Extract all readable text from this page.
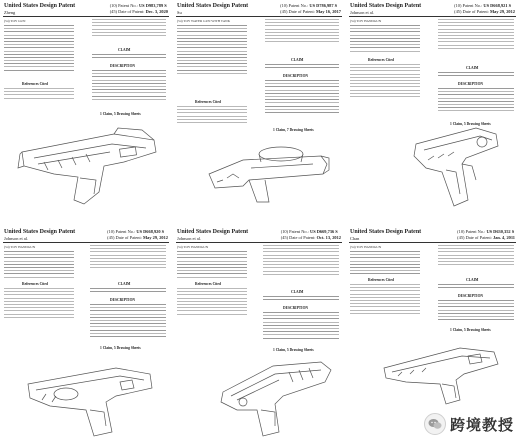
United States Design Patent	(10) Patent No.: US D983,789 S
(45) Date of Patent: Dec. 3, 2020
Zheng
(54) TOY GUN
References Cited
CLAIM
DESCRIPTION
1 Claim, 5 Drawing Sheets
United States Design Patent	(10) Patent No.: US D786,987 S
(45) Date of Patent: May 16, 2017
Su
(54) TOY WATER GUN WITH TANK
References Cited
CLAIM
DESCRIPTION
1 Claim, 7 Drawing Sheets
United States Design Patent	(10) Patent No.: US D668,921 S
(45) Date of Patent: May 29, 2012
Johnson et al.
(54) TOY HANDGUN
References Cited
CLAIM
DESCRIPTION
1 Claim, 5 Drawing Sheets
United States Design Patent	(10) Patent No.: US D668,920 S
(45) Date of Patent: May 29, 2012
Johnson et al.
(54) TOY HANDGUN
References Cited	CLAIM
DESCRIPTION
1 Claim, 5 Drawing Sheets
United States Design Patent	(10) Patent No.: US D669,736 S
(45) Date of Patent: Oct. 13, 2012
Johnson et al.
(54) TOY HANDGUN
References Cited
CLAIM
DESCRIPTION
1 Claim, 5 Drawing Sheets
United States Design Patent	(10) Patent No.: US D630,352 S
(45) Date of Patent: Jan. 4, 2011
Chan
(54) TOY HANDGUN
References Cited	CLAIM
DESCRIPTION
1 Claim, 5 Drawing Sheets
跨境教授
